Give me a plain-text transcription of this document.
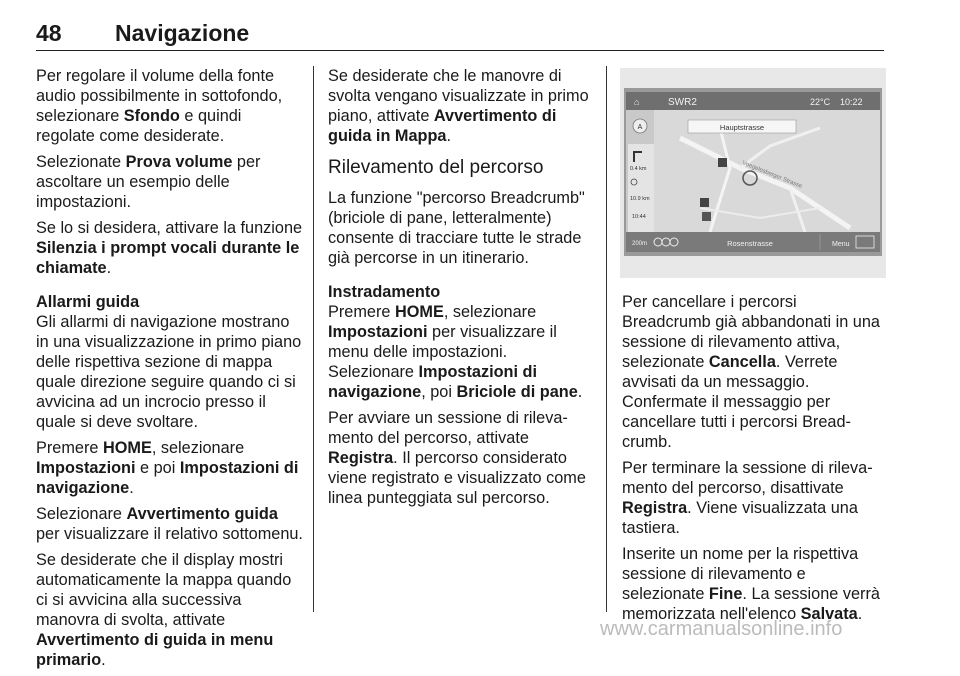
48 Navigazione

Per regolare il volume della fonte audio possibilmente in sottofondo, selezionare Sfondo e quindi regolate come desiderate.

Selezionate Prova volume per ascoltare un esempio delle impostazioni.

Se lo si desidera, attivare la funzione Silenzia i prompt vocali durante le chiamate.

Allarmi guida
Gli allarmi di navigazione mostrano in una visualizzazione in primo piano delle rispettiva sezione di mappa quale direzione seguire quando ci si avvicina ad un incrocio presso il quale si deve svoltare.

Premere HOME, selezionare Impostazioni e poi Impostazioni di navigazione.

Selezionare Avvertimento guida per visualizzare il relativo sottomenu.

Se desiderate che il display mostri automaticamente la mappa quando ci si avvicina alla successiva manovra di svolta, attivate Avvertimento di guida in menu primario.

Se desiderate che le manovre di svolta vengano visualizzate in primo piano, attivate Avvertimento di guida in Mappa.

Rilevamento del percorso

La funzione "percorso Breadcrumb" (briciole di pane, letteralmente) consente di tracciare tutte le strade già percorse in un itinerario.

Instradamento
Premere HOME, selezionare Impostazioni per visualizzare il menu delle impostazioni. Selezionare Impostazioni di navigazione, poi Briciole di pane.

Per avviare un sessione di rilevamento del percorso, attivate Registra. Il percorso considerato viene registrato e visualizzato come linea punteggiata sul percorso.

⌂	SWR2	22°C 10:22
Voegelesberger Strasse
Hauptstrasse
A
0.4 km
10.9 km
10:44
200m	Rosenstrasse	Menu

Per cancellare i percorsi Breadcrumb già abbandonati in una sessione di rilevamento attiva, selezionate Cancella. Verrete avvisati da un messaggio. Confermate il messaggio per cancellare tutti i percorsi Breadcrumb.

Per terminare la sessione di rilevamento del percorso, disattivate Registra. Viene visualizzata una tastiera.

Inserite un nome per la rispettiva sessione di rilevamento e selezionate Fine. La sessione verrà memorizzata nell'elenco Salvata.

www.carmanualsonline.info
